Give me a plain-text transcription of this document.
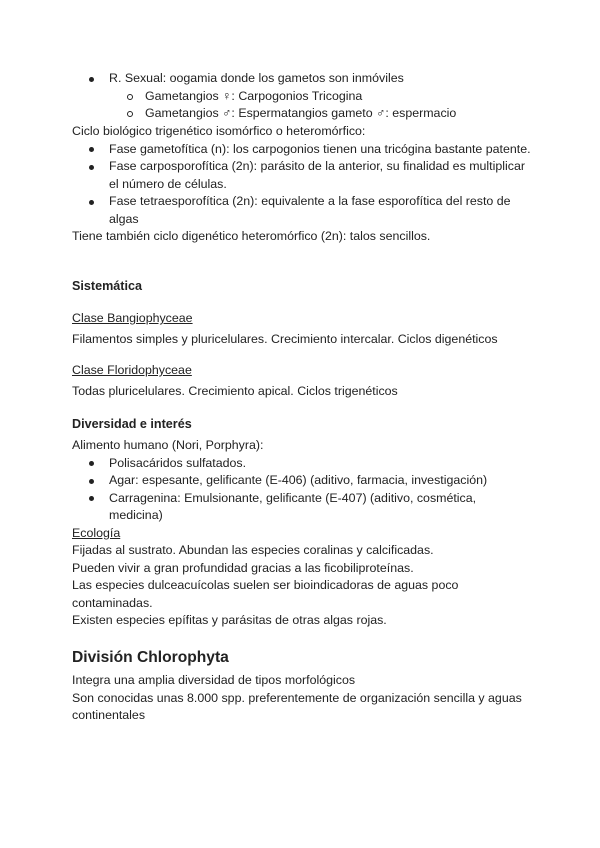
R. Sexual: oogamia donde los gametos son inmóviles
Gametangios ♀: Carpogonios Tricogina
Gametangios ♂: Espermatangios gameto ♂: espermacio

Ciclo biológico trigenético isomórfico o heteromórfico:

Fase gametofítica (n): los carpogonios tienen una tricógina bastante patente.
Fase carposporofítica (2n): parásito de la anterior, su finalidad es multiplicar el número de células.
Fase tetraesporofítica (2n): equivalente a la fase esporofítica del resto de algas

Tiene también ciclo digenético heteromórfico (2n): talos sencillos.

Sistemática

Clase Bangiophyceae

Filamentos simples y pluricelulares. Crecimiento intercalar. Ciclos digenéticos

Clase Floridophyceae

Todas pluricelulares. Crecimiento apical. Ciclos trigenéticos

Diversidad e interés

Alimento humano (Nori, Porphyra):

Polisacáridos sulfatados.
Agar: espesante, gelificante (E-406) (aditivo, farmacia, investigación)
Carragenina: Emulsionante, gelificante (E-407) (aditivo, cosmética, medicina)

Ecología

Fijadas al sustrato. Abundan las especies coralinas y calcificadas.

Pueden vivir a gran profundidad gracias a las ficobiliproteínas.

Las especies dulceacuícolas suelen ser bioindicadoras de aguas poco contaminadas.

Existen especies epífitas y parásitas de otras algas rojas.

División Chlorophyta

Integra una amplia diversidad de tipos morfológicos

Son conocidas unas 8.000 spp. preferentemente de organización sencilla y aguas continentales
